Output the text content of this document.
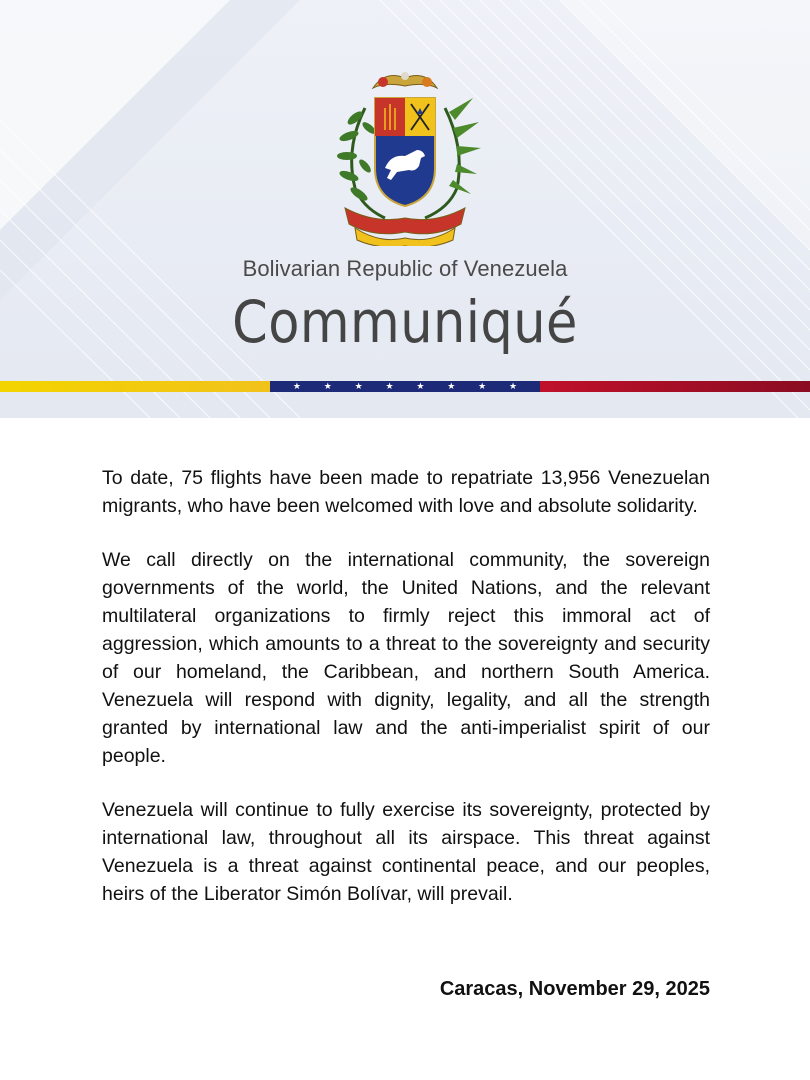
Bolivarian Republic of Venezuela
Communiqué
★	★	★	★	★	★	★	★

To date, 75 flights have been made to repatriate 13,956 Venezuelan migrants, who have been welcomed with love and absolute solidarity.

We call directly on the international community, the sovereign governments of the world, the United Nations, and the relevant multilateral organizations to firmly reject this immoral act of aggression, which amounts to a threat to the sovereignty and security of our homeland, the Caribbean, and northern South America. Venezuela will respond with dignity, legality, and all the strength granted by international law and the anti-imperialist spirit of our people.

Venezuela will continue to fully exercise its sovereignty, protected by international law, throughout all its airspace. This threat against Venezuela is a threat against continental peace, and our peoples, heirs of the Liberator Simón Bolívar, will prevail.

Caracas, November 29, 2025
